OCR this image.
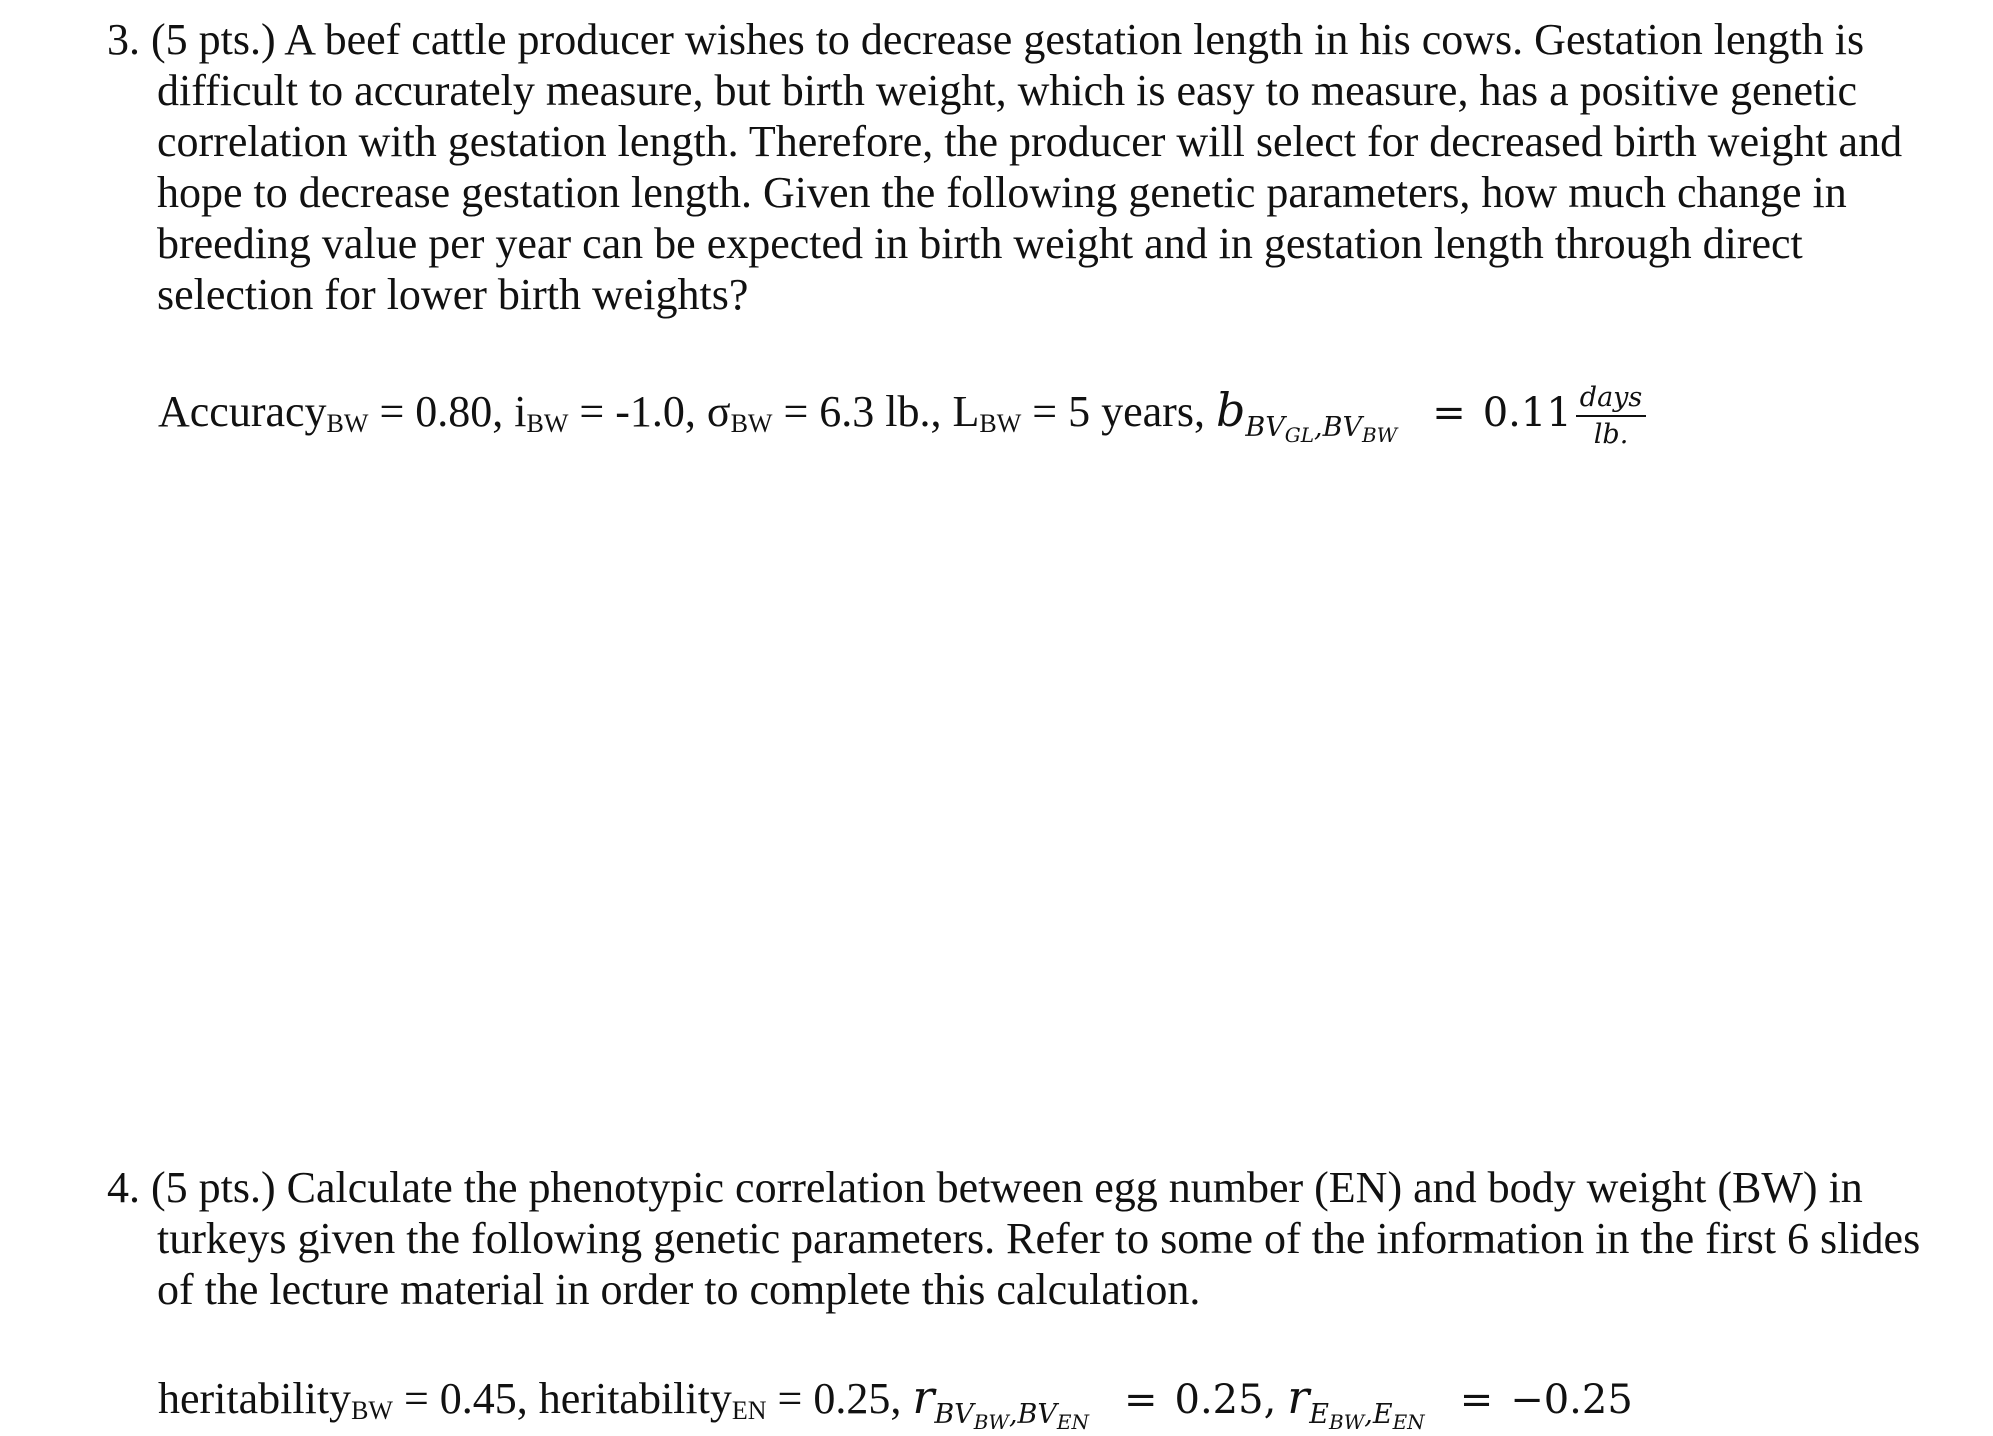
3. (5 pts.) A beef cattle producer wishes to decrease gestation length in his cows. Gestation length is difficult to accurately measure, but birth weight, which is easy to measure, has a positive genetic correlation with gestation length. Therefore, the producer will select for decreased birth weight and hope to decrease gestation length. Given the following genetic parameters, how much change in breeding value per year can be expected in birth weight and in gestation length through direct selection for lower birth weights?

Accuracy$_{BW}$ = 0.80, $i_{BW} = -1.0$, $\sigma_{BW} = 6.3$ lb., $L_{BW} = 5$ years, $b_{BV_{GL},BV_{BW}} = 0.11 \frac{\text{days}}{lb.}$

4. (5 pts.) Calculate the phenotypic correlation between egg number (EN) and body weight (BW) in turkeys given the following genetic parameters. Refer to some of the information in the first 6 slides of the lecture material in order to complete this calculation.

heritability$_{BW}$ = 0.45, heritability$_{EN}$ = 0.25, $r_{BV_{BW},BV_{EN}} = 0.25$, $r_{E_{BW},E_{EN}} = -0.25$
